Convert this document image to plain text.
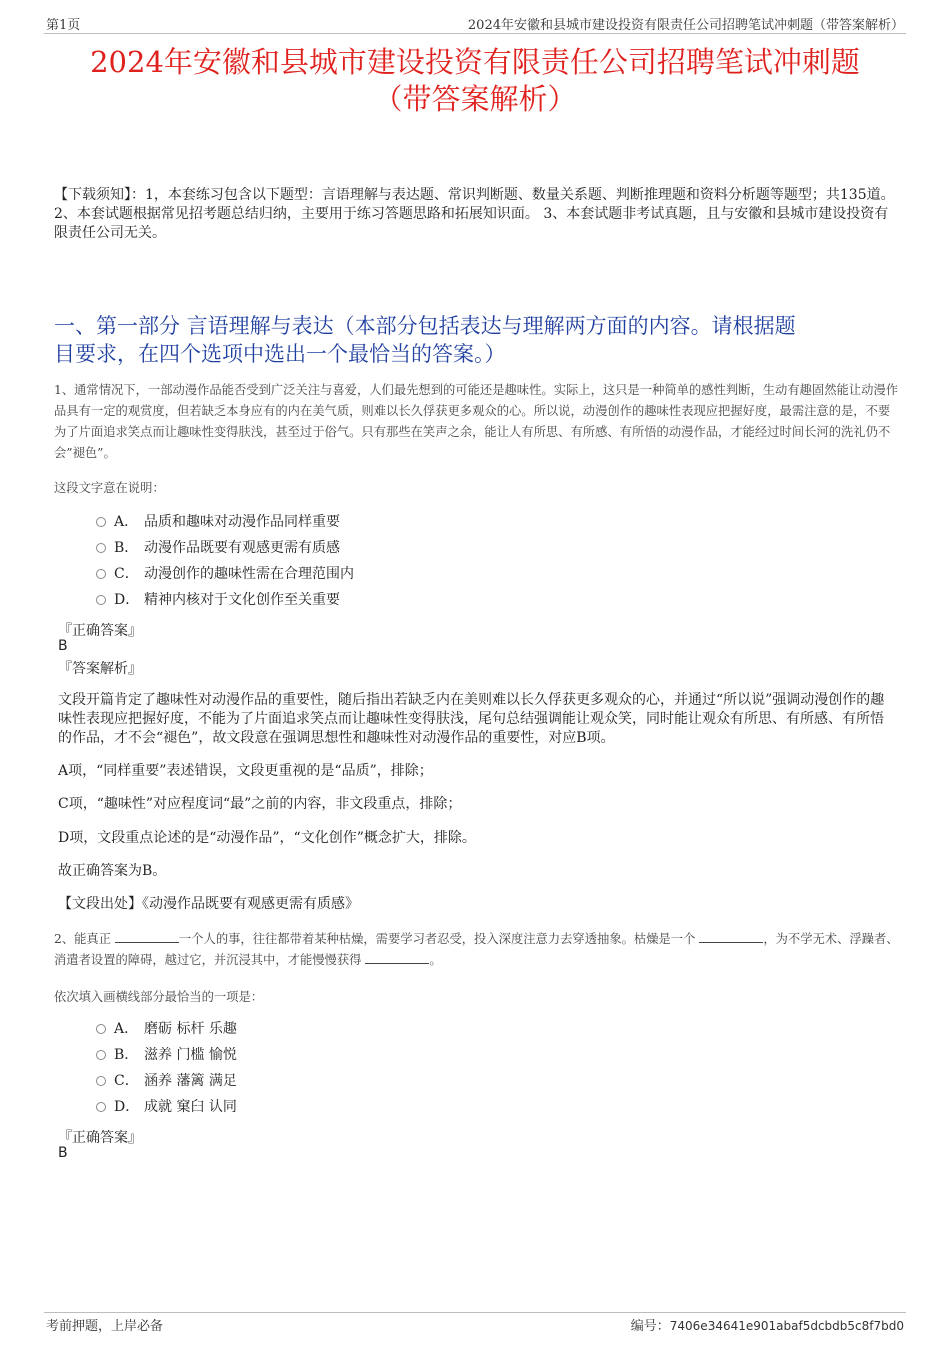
第1页	2024年安徽和县城市建设投资有限责任公司招聘笔试冲刺题（带答案解析）
2024年安徽和县城市建设投资有限责任公司招聘笔试冲刺题
（带答案解析）
【下载须知】：1，本套练习包含以下题型：言语理解与表达题、常识判断题、数量关系题、判断推理题和资料分析题等题型；共135道。 2、本套试题根据常见招考题总结归纳，主要用于练习答题思路和拓展知识面。 3、本套试题非考试真题，且与安徽和县城市建设投资有限责任公司无关。
一、第一部分 言语理解与表达（本部分包括表达与理解两方面的内容。请根据题
目要求，在四个选项中选出一个最恰当的答案。）
1、通常情况下，一部动漫作品能否受到广泛关注与喜爱，人们最先想到的可能还是趣味性。实际上，这只是一种简单的感性判断，生动有趣固然能让动漫作品具有一定的观赏度，但若缺乏本身应有的内在美气质，则难以长久俘获更多观众的心。所以说，动漫创作的趣味性表现应把握好度，最需注意的是，不要为了片面追求笑点而让趣味性变得肤浅，甚至过于俗气。只有那些在笑声之余，能让人有所思、有所感、有所悟的动漫作品，才能经过时间长河的洗礼仍不会”褪色”。
这段文字意在说明：
A． 品质和趣味对动漫作品同样重要
B． 动漫作品既要有观感更需有质感
C． 动漫创作的趣味性需在合理范围内
D． 精神内核对于文化创作至关重要
『正确答案』
B
『答案解析』
文段开篇肯定了趣味性对动漫作品的重要性，随后指出若缺乏内在美则难以长久俘获更多观众的心，并通过“所以说”强调动漫创作的趣味性表现应把握好度，不能为了片面追求笑点而让趣味性变得肤浅，尾句总结强调能让观众笑，同时能让观众有所思、有所感、有所悟的作品，才不会“褪色”，故文段意在强调思想性和趣味性对动漫作品的重要性，对应B项。
A项，“同样重要”表述错误，文段更重视的是“品质”，排除；
C项，“趣味性”对应程度词“最”之前的内容，非文段重点，排除；
D项，文段重点论述的是“动漫作品”，“文化创作”概念扩大，排除。
故正确答案为B。
【文段出处】《动漫作品既要有观感更需有质感》
2、能真正	一个人的事，往往都带着某种枯燥，需要学习者忍受，投入深度注意力去穿透抽象。枯燥是一个	，为不学无术、浮躁者、消遣者设置的障碍，越过它，并沉浸其中，才能慢慢获得	。
依次填入画横线部分最恰当的一项是：
A． 磨砺 标杆 乐趣
B． 滋养 门槛 愉悦
C． 涵养 藩篱 满足
D． 成就 窠臼 认同
『正确答案』
B
考前押题，上岸必备	编号：7406e34641e901abaf5dcbdb5c8f7bd0
